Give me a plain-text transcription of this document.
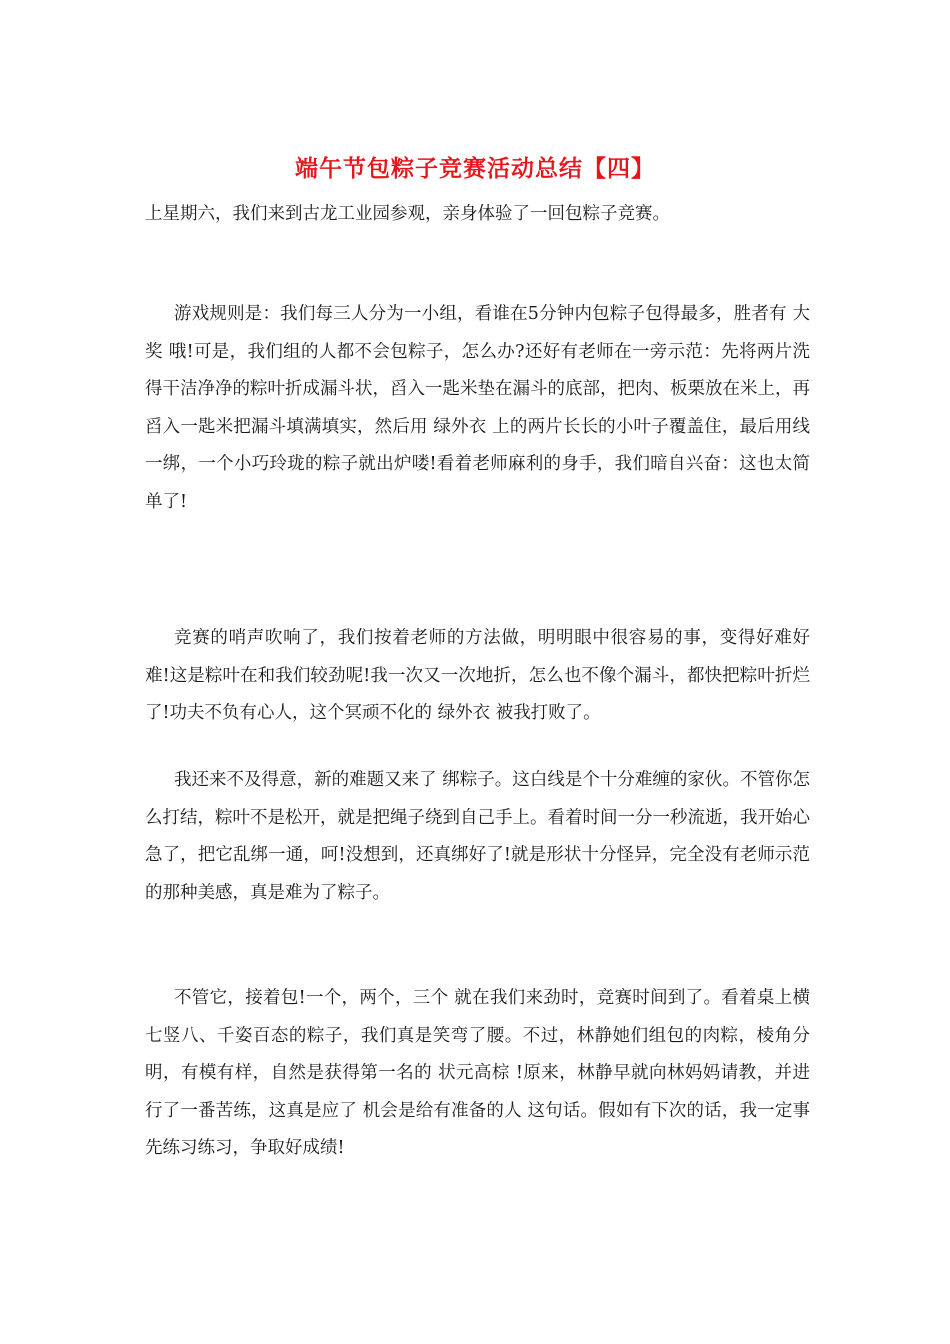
端午节包粽子竞赛活动总结【四】

上星期六，我们来到古龙工业园参观，亲身体验了一回包粽子竞赛。

游戏规则是：我们每三人分为一小组，看谁在5分钟内包粽子包得最多，胜者有 大奖 哦!可是，我们组的人都不会包粽子，怎么办?还好有老师在一旁示范：先将两片洗得干洁净净的粽叶折成漏斗状，舀入一匙米垫在漏斗的底部，把肉、板栗放在米上，再舀入一匙米把漏斗填满填实，然后用 绿外衣 上的两片长长的小叶子覆盖住，最后用线一绑，一个小巧玲珑的粽子就出炉喽!看着老师麻利的身手，我们暗自兴奋：这也太简单了!

竞赛的哨声吹响了，我们按着老师的方法做，明明眼中很容易的事，变得好难好难!这是粽叶在和我们较劲呢!我一次又一次地折，怎么也不像个漏斗，都快把粽叶折烂了!功夫不负有心人，这个冥顽不化的 绿外衣 被我打败了。

我还来不及得意，新的难题又来了 绑粽子。这白线是个十分难缠的家伙。不管你怎么打结，粽叶不是松开，就是把绳子绕到自己手上。看着时间一分一秒流逝，我开始心急了，把它乱绑一通，呵!没想到，还真绑好了!就是形状十分怪异，完全没有老师示范的那种美感，真是难为了粽子。

不管它，接着包!一个，两个，三个 就在我们来劲时，竞赛时间到了。看着桌上横七竖八、千姿百态的粽子，我们真是笑弯了腰。不过，林静她们组包的肉粽，棱角分明，有模有样，自然是获得第一名的 状元高棕 !原来，林静早就向林妈妈请教，并进行了一番苦练，这真是应了 机会是给有准备的人 这句话。假如有下次的话，我一定事先练习练习，争取好成绩!
